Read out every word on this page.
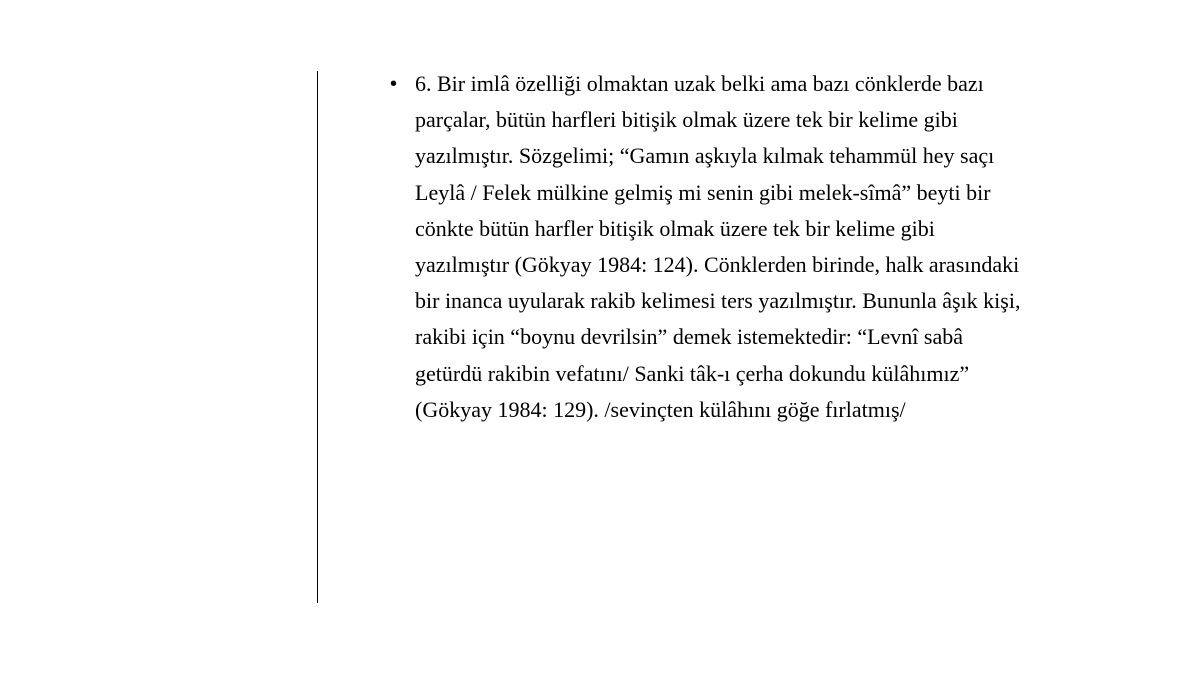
• 6. Bir imlâ özelliği olmaktan uzak belki ama bazı cönklerde bazı
parçalar, bütün harfleri bitişik olmak üzere tek bir kelime gibi
yazılmıştır. Sözgelimi; “Gamın aşkıyla kılmak tehammül hey saçı
Leylâ / Felek mülkine gelmiş mi senin gibi melek-sîmâ” beyti bir
cönkte bütün harfler bitişik olmak üzere tek bir kelime gibi
yazılmıştır (Gökyay 1984: 124). Cönklerden birinde, halk arasındaki
bir inanca uyularak rakib kelimesi ters yazılmıştır. Bununla âşık kişi,
rakibi için “boynu devrilsin” demek istemektedir: “Levnî sabâ
getürdü rakibin vefatını/ Sanki tâk-ı çerha dokundu külâhımız”
(Gökyay 1984: 129). /sevinçten külâhını göğe fırlatmış/
